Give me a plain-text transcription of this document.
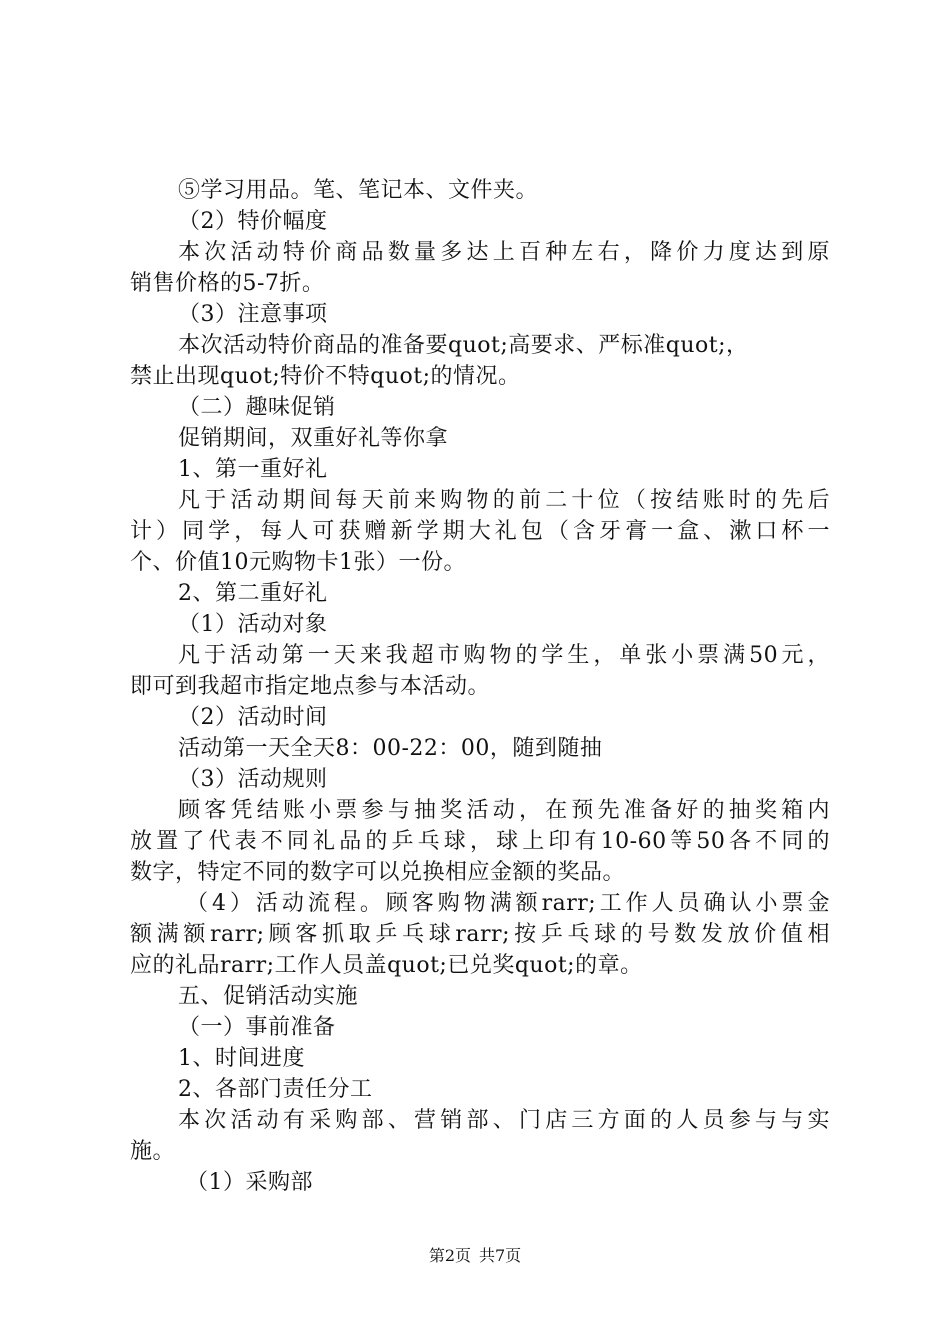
⑤学习用品。笔、笔记本、文件夹。
（2）特价幅度
本次活动特价商品数量多达上百种左右，降价力度达到原
销售价格的5-7折。
（3）注意事项
本次活动特价商品的准备要quot;高要求、严标准quot;，
禁止出现quot;特价不特quot;的情况。
（二）趣味促销
促销期间，双重好礼等你拿
1、第一重好礼
凡于活动期间每天前来购物的前二十位（按结账时的先后
计）同学，每人可获赠新学期大礼包（含牙膏一盒、漱口杯一
个、价值10元购物卡1张）一份。
2、第二重好礼
（1）活动对象
凡于活动第一天来我超市购物的学生，单张小票满50元，
即可到我超市指定地点参与本活动。
（2）活动时间
活动第一天全天8：00-22：00，随到随抽
（3）活动规则
顾客凭结账小票参与抽奖活动，在预先准备好的抽奖箱内
放置了代表不同礼品的乒乓球，球上印有10-60等50各不同的
数字，特定不同的数字可以兑换相应金额的奖品。
（4）活动流程。顾客购物满额rarr;工作人员确认小票金
额满额rarr;顾客抓取乒乓球rarr;按乒乓球的号数发放价值相
应的礼品rarr;工作人员盖quot;已兑奖quot;的章。
五、促销活动实施
（一）事前准备
1、时间进度
2、各部门责任分工
本次活动有采购部、营销部、门店三方面的人员参与与实
施。
（1）采购部
第2页 共7页
